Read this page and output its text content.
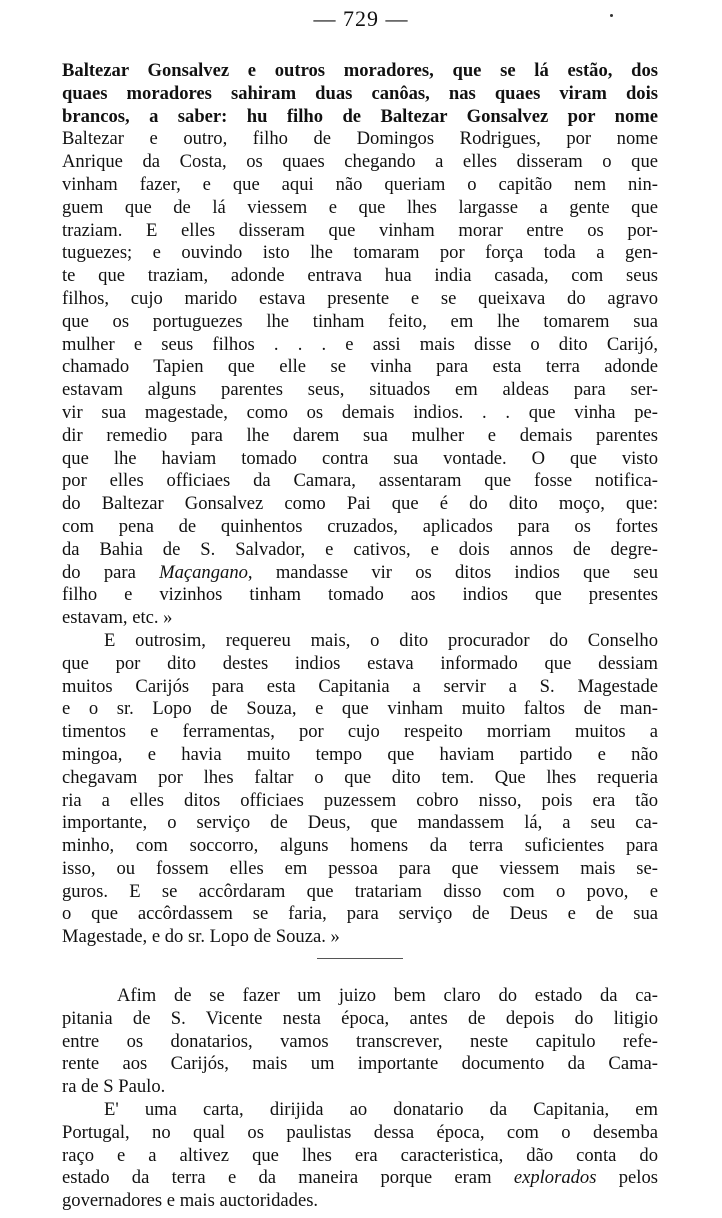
— 729 —
Baltezar Gonsalvez e outros moradores, que se lá estão, dos
quaes moradores sahiram duas canôas, nas quaes viram dois
brancos, a saber: hu filho de Baltezar Gonsalvez por nome
Baltezar e outro, filho de Domingos Rodrigues, por nome
Anrique da Costa, os quaes chegando a elles disseram o que
vinham fazer, e que aqui não queriam o capitão nem nin-
guem que de lá viessem e que lhes largasse a gente que
traziam. E elles disseram que vinham morar entre os por-
tuguezes; e ouvindo isto lhe tomaram por força toda a gen-
te que traziam, adonde entrava hua india casada, com seus
filhos, cujo marido estava presente e se queixava do agravo
que os portuguezes lhe tinham feito, em lhe tomarem sua
mulher e seus filhos . . . e assi mais disse o dito Carijó,
chamado Tapien que elle se vinha para esta terra adonde
estavam alguns parentes seus, situados em aldeas para ser-
vir sua magestade, como os demais indios. . . que vinha pe-
dir remedio para lhe darem sua mulher e demais parentes
que lhe haviam tomado contra sua vontade. O que visto
por elles officiaes da Camara, assentaram que fosse notifica-
do Baltezar Gonsalvez como Pai que é do dito moço, que:
com pena de quinhentos cruzados, aplicados para os fortes
da Bahia de S. Salvador, e cativos, e dois annos de degre-
do para Maçangano, mandasse vir os ditos indios que seu
filho e vizinhos tinham tomado aos indios que presentes
estavam, etc. »
E outrosim, requereu mais, o dito procurador do Conselho
que por dito destes indios estava informado que dessiam
muitos Carijós para esta Capitania a servir a S. Magestade
e o sr. Lopo de Souza, e que vinham muito faltos de man-
timentos e ferramentas, por cujo respeito morriam muitos a
mingoa, e havia muito tempo que haviam partido e não
chegavam por lhes faltar o que dito tem. Que lhes requeria
ria a elles ditos officiaes puzessem cobro nisso, pois era tão
importante, o serviço de Deus, que mandassem lá, a seu ca-
minho, com soccorro, alguns homens da terra suficientes para
isso, ou fossem elles em pessoa para que viessem mais se-
guros. E se accôrdaram que tratariam disso com o povo, e
o que accôrdassem se faria, para serviço de Deus e de sua
Magestade, e do sr. Lopo de Souza. »
Afim de se fazer um juizo bem claro do estado da ca-
pitania de S. Vicente nesta época, antes de depois do litigio
entre os donatarios, vamos transcrever, neste capitulo refe-
rente aos Carijós, mais um importante documento da Cama-
ra de S Paulo.
E' uma carta, dirijida ao donatario da Capitania, em
Portugal, no qual os paulistas dessa época, com o desemba
raço e a altivez que lhes era caracteristica, dão conta do
estado da terra e da maneira porque eram explorados pelos
governadores e mais auctoridades.
